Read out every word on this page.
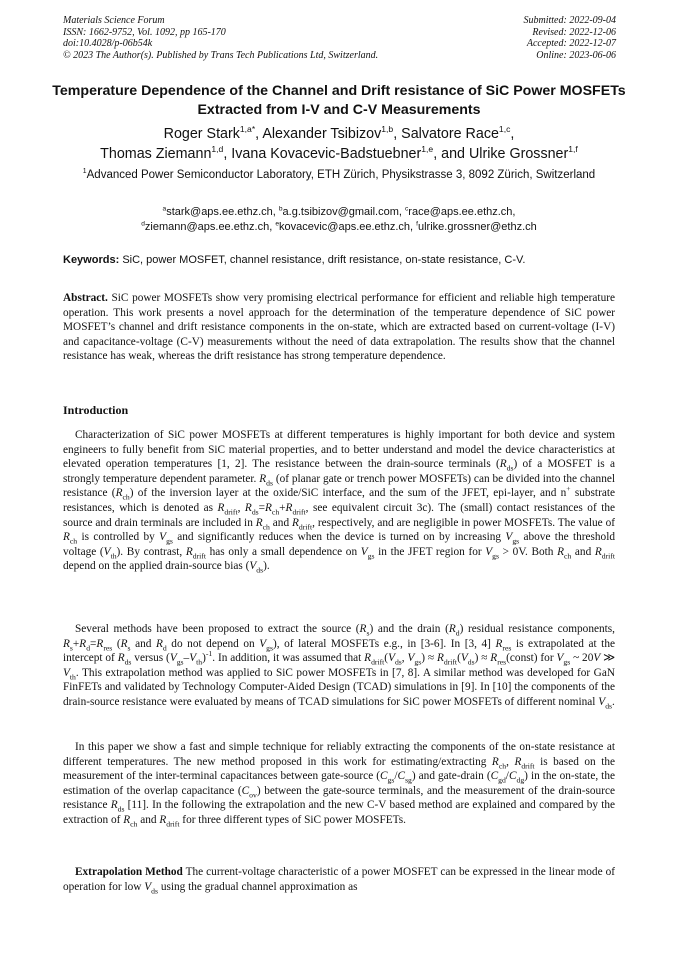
Materials Science Forum
ISSN: 1662-9752, Vol. 1092, pp 165-170
doi:10.4028/p-06b54k
© 2023 The Author(s). Published by Trans Tech Publications Ltd, Switzerland.
Submitted: 2022-09-04
Revised: 2022-12-06
Accepted: 2022-12-07
Online: 2023-06-06
Temperature Dependence of the Channel and Drift resistance of SiC Power MOSFETs Extracted from I-V and C-V Measurements
Roger Stark$^{1,a*}$, Alexander Tsibizov$^{1,b}$, Salvatore Race$^{1,c}$,
Thomas Ziemann$^{1,d}$, Ivana Kovacevic-Badstuebner$^{1,e}$, and Ulrike Grossner$^{1,f}$
$^1$Advanced Power Semiconductor Laboratory, ETH Zürich, Physikstrasse 3, 8092 Zürich, Switzerland
$^a$stark@aps.ee.ethz.ch, $^b$a.g.tsibizov@gmail.com, $^c$race@aps.ee.ethz.ch,
$^d$ziemann@aps.ee.ethz.ch, $^e$kovacevic@aps.ee.ethz.ch, $^f$ulrike.grossner@ethz.ch
Keywords: SiC, power MOSFET, channel resistance, drift resistance, on-state resistance, C-V.
Abstract. SiC power MOSFETs show very promising electrical performance for efficient and reliable high temperature operation. This work presents a novel approach for the determination of the temperature dependence of SiC power MOSFET’s channel and drift resistance components in the on-state, which are extracted based on current-voltage (I-V) and capacitance-voltage (C-V) measurements without the need of data extrapolation. The results show that the channel resistance has weak, whereas the drift resistance has strong temperature dependence.
Introduction
Characterization of SiC power MOSFETs at different temperatures is highly important for both device and system engineers to fully benefit from SiC material properties, and to better understand and model the device characteristics at elevated operation temperatures [1, 2]. The resistance between the drain-source terminals $(R_{ds})$ of a MOSFET is a strongly temperature dependent parameter. $R_{ds}$ (of planar gate or trench power MOSFETs) can be divided into the channel resistance $(R_{ch})$ of the inversion layer at the oxide/SiC interface, and the sum of the JFET, epi-layer, and n+ substrate resistances, which is denoted as $R_{drift}$, $R_{ds}=R_{ch}+R_{drift}$, see equivalent circuit 3c). The (small) contact resistances of the source and drain terminals are included in $R_{ch}$ and $R_{drift}$, respectively, and are negligible in power MOSFETs. The value of $R_{ch}$ is controlled by $V_{gs}$ and significantly reduces when the device is turned on by increasing $V_{gs}$ above the threshold voltage $(V_{th})$. By contrast, $R_{drift}$ has only a small dependence on $V_{gs}$ in the JFET region for $V_{gs} > 0V$. Both $R_{ch}$ and $R_{drift}$ depend on the applied drain-source bias $(V_{ds})$.
Several methods have been proposed to extract the source $(R_s)$ and the drain $(R_d)$ residual resistance components, $R_s+R_d=R_{res}$ ($R_s$ and $R_d$ do not depend on $V_{gs}$), of lateral MOSFETs e.g., in [3-6]. In [3, 4] $R_{res}$ is extrapolated at the intercept of $R_{ds}$ versus $(V_{gs}-V_{th})^{-1}$. In addition, it was assumed that $R_{drift}(V_{ds}$, $V_{gs}) \approx R_{drift}(V_{ds})$ ≈ $R_{res}(const)$ for $V_{gs}$ ~ 20V ≫ $V_{th}$. This extrapolation method was applied to SiC power MOSFETs in [7, 8]. A similar method was developed for GaN FinFETs and validated by Technology Computer-Aided Design (TCAD) simulations in [9]. In [10] the components of the drain-source resistance were evaluated by means of TCAD simulations for SiC power MOSFETs of different nominal $V_{ds}$.
In this paper we show a fast and simple technique for reliably extracting the components of the on-state resistance at different temperatures. The new method proposed in this work for estimating/extracting $R_{ch}$, $R_{drift}$ is based on the measurement of the inter-terminal capacitances between gate-source $(C_{gs}/C_{sg})$ and gate-drain $(C_{gd}/C_{dg})$ in the on-state, the estimation of the overlap capacitance $(C_{ov})$ between the gate-source terminals, and the measurement of the drain-source resistance $R_{ds}$ [11]. In the following the extrapolation and the new C-V based method are explained and compared by the extraction of $R_{ch}$ and $R_{drift}$ for three different types of SiC power MOSFETs.
Extrapolation Method The current-voltage characteristic of a power MOSFET can be expressed in the linear mode of operation for low $V_{ds}$ using the gradual channel approximation as
